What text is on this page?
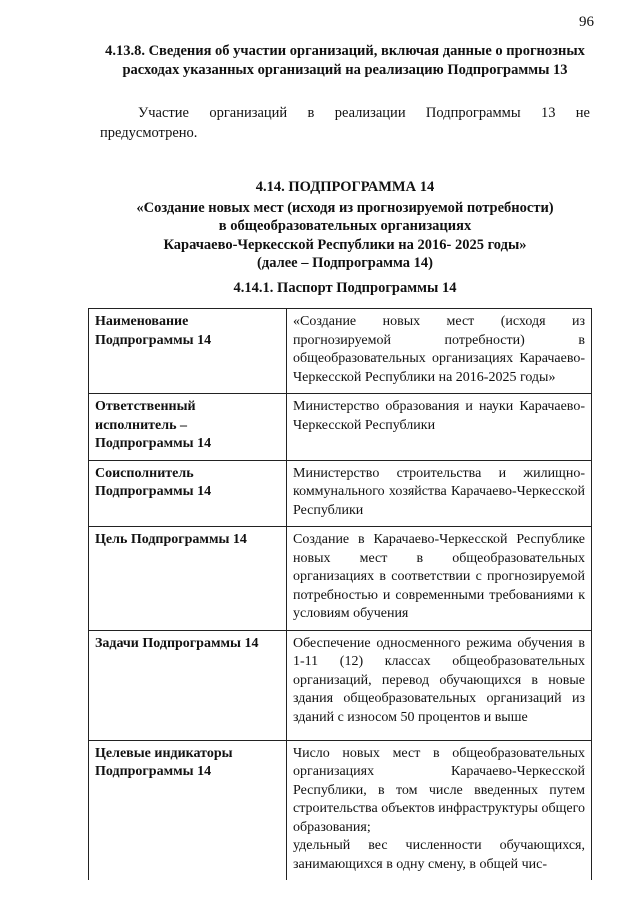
96
4.13.8. Сведения об участии организаций, включая данные о прогнозных расходах указанных организаций на реализацию Подпрограммы 13
Участие организаций в реализации Подпрограммы 13 не предусмотрено.
4.14. ПОДПРОГРАММА 14
«Создание новых мест (исходя из прогнозируемой потребности)
в общеобразовательных организациях
Карачаево-Черкесской Республики на 2016- 2025 годы»
(далее – Подпрограмма 14)
4.14.1. Паспорт Подпрограммы 14
Наименование Подпрограммы 14	«Создание новых мест (исходя из прогнозируемой потребности) в общеобразовательных организациях Карачаево-Черкесской Республики на 2016-2025 годы»
Ответственный исполнитель – Подпрограммы 14	Министерство образования и науки Карачаево-Черкесской Республики
Соисполнитель Подпрограммы 14	Министерство строительства и жилищно-коммунального хозяйства Карачаево-Черкесской Республики
Цель Подпрограммы 14	Создание в Карачаево-Черкесской Республике новых мест в общеобразовательных организациях в соответствии с прогнозируемой потребностью и современными требованиями к условиям обучения
Задачи Подпрограммы 14	Обеспечение односменного режима обучения в 1-11 (12) классах общеобразовательных организаций, перевод обучающихся в новые здания общеобразовательных организаций из зданий с износом 50 процентов и выше
Целевые индикаторы Подпрограммы 14	Число новых мест в общеобразовательных организациях Карачаево-Черкесской Республики, в том числе введенных путем строительства объектов инфраструктуры общего образования;
удельный вес численности обучающихся, занимающихся в одну смену, в общей чис-
